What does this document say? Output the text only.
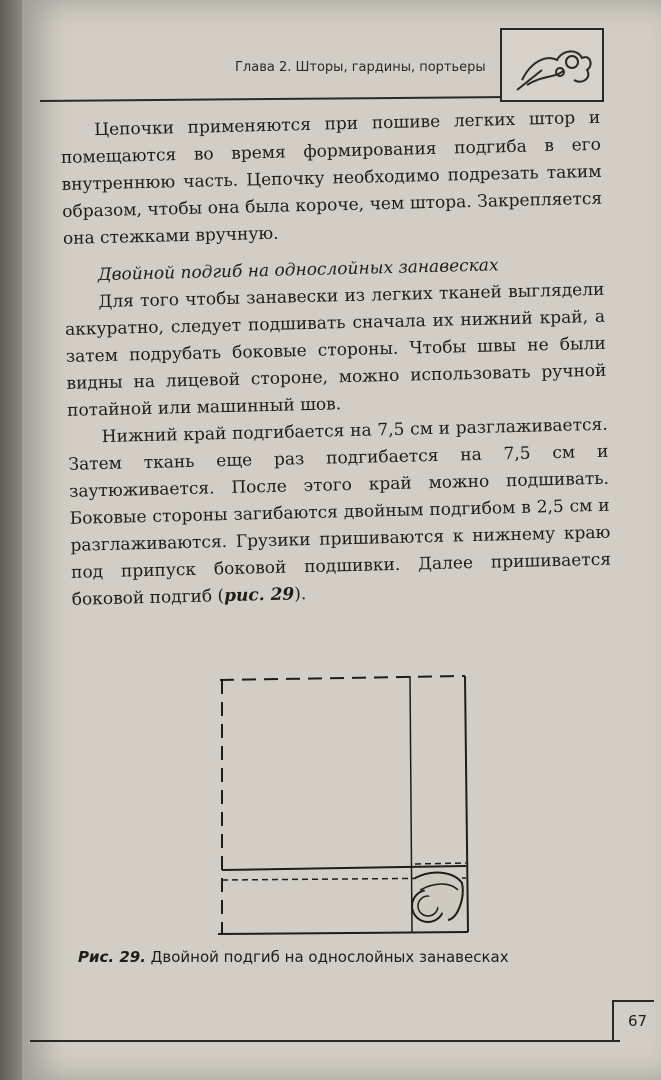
Глава 2. Шторы, гардины, портьеры

Цепочки применяются при пошиве легких штор и помещаются во время формирования подгиба в его внутреннюю часть. Цепочку необходимо подрезать таким образом, чтобы она была короче, чем штора. Закрепляется она стежками вручную.

Двойной подгиб на однослойных занавесках

Для того чтобы занавески из легких тканей выглядели аккуратно, следует подшивать сначала их нижний край, а затем подрубать боковые стороны. Чтобы швы не были видны на лицевой стороне, можно использовать ручной потайной или машинный шов.

Нижний край подгибается на 7,5 см и разглаживается. Затем ткань еще раз подгибается на 7,5 см и заутюживается. После этого край можно подшивать. Боковые стороны загибаются двойным подгибом в 2,5 см и разглаживаются. Грузики пришиваются к нижнему краю под припуск боковой подшивки. Далее пришивается боковой подгиб (рис. 29).

Рис. 29. Двойной подгиб на однослойных занавесках
67
